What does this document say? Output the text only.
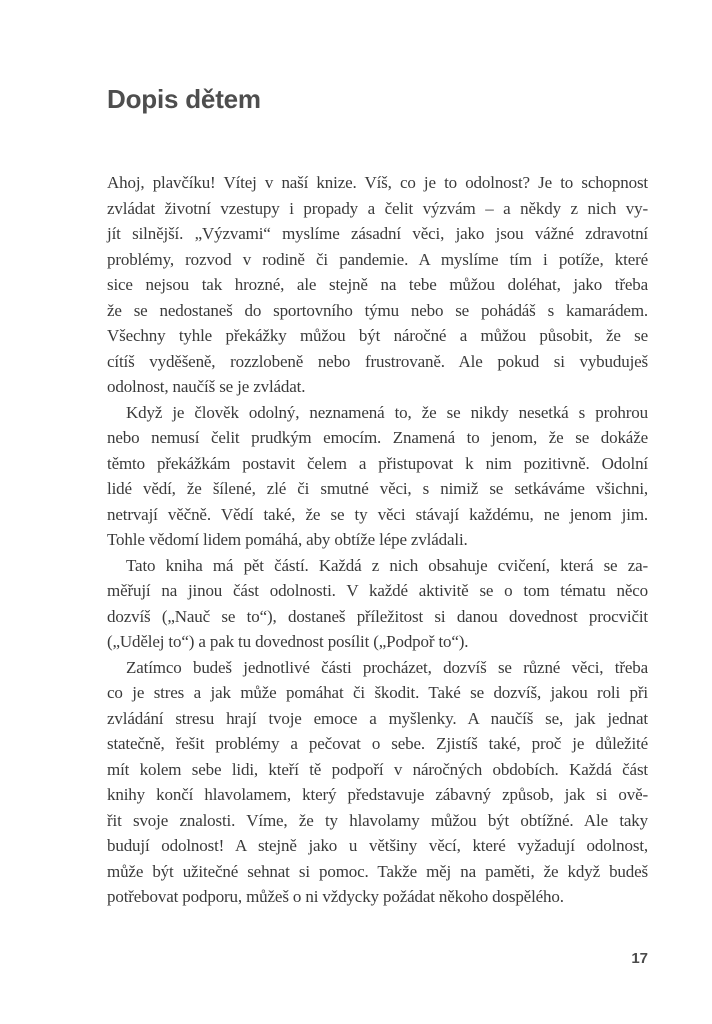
Dopis dětem
Ahoj, plavčíku! Vítej v naší knize. Víš, co je to odolnost? Je to schopnost
zvládat životní vzestupy i propady a čelit výzvám – a někdy z nich vy-
jít silnější. „Výzvami“ myslíme zásadní věci, jako jsou vážné zdravotní
problémy, rozvod v rodině či pandemie. A myslíme tím i potíže, které
sice nejsou tak hrozné, ale stejně na tebe můžou doléhat, jako třeba
že se nedostaneš do sportovního týmu nebo se pohádáš s kamarádem.
Všechny tyhle překážky můžou být náročné a můžou působit, že se
cítíš vyděšeně, rozzlobeně nebo frustrovaně. Ale pokud si vybuduješ
odolnost, naučíš se je zvládat.
Když je člověk odolný, neznamená to, že se nikdy nesetká s prohrou
nebo nemusí čelit prudkým emocím. Znamená to jenom, že se dokáže
těmto překážkám postavit čelem a přistupovat k nim pozitivně. Odolní
lidé vědí, že šílené, zlé či smutné věci, s nimiž se setkáváme všichni,
netrvají věčně. Vědí také, že se ty věci stávají každému, ne jenom jim.
Tohle vědomí lidem pomáhá, aby obtíže lépe zvládali.
Tato kniha má pět částí. Každá z nich obsahuje cvičení, která se za-
měřují na jinou část odolnosti. V každé aktivitě se o tom tématu něco
dozvíš („Nauč se to“), dostaneš příležitost si danou dovednost procvičit
(„Udělej to“) a pak tu dovednost posílit („Podpoř to“).
Zatímco budeš jednotlivé části procházet, dozvíš se různé věci, třeba
co je stres a jak může pomáhat či škodit. Také se dozvíš, jakou roli při
zvládání stresu hrají tvoje emoce a myšlenky. A naučíš se, jak jednat
statečně, řešit problémy a pečovat o sebe. Zjistíš také, proč je důležité
mít kolem sebe lidi, kteří tě podpoří v náročných obdobích. Každá část
knihy končí hlavolamem, který představuje zábavný způsob, jak si ově-
řit svoje znalosti. Víme, že ty hlavolamy můžou být obtížné. Ale taky
budují odolnost! A stejně jako u většiny věcí, které vyžadují odolnost,
může být užitečné sehnat si pomoc. Takže měj na paměti, že když budeš
potřebovat podporu, můžeš o ni vždycky požádat někoho dospělého.
17
